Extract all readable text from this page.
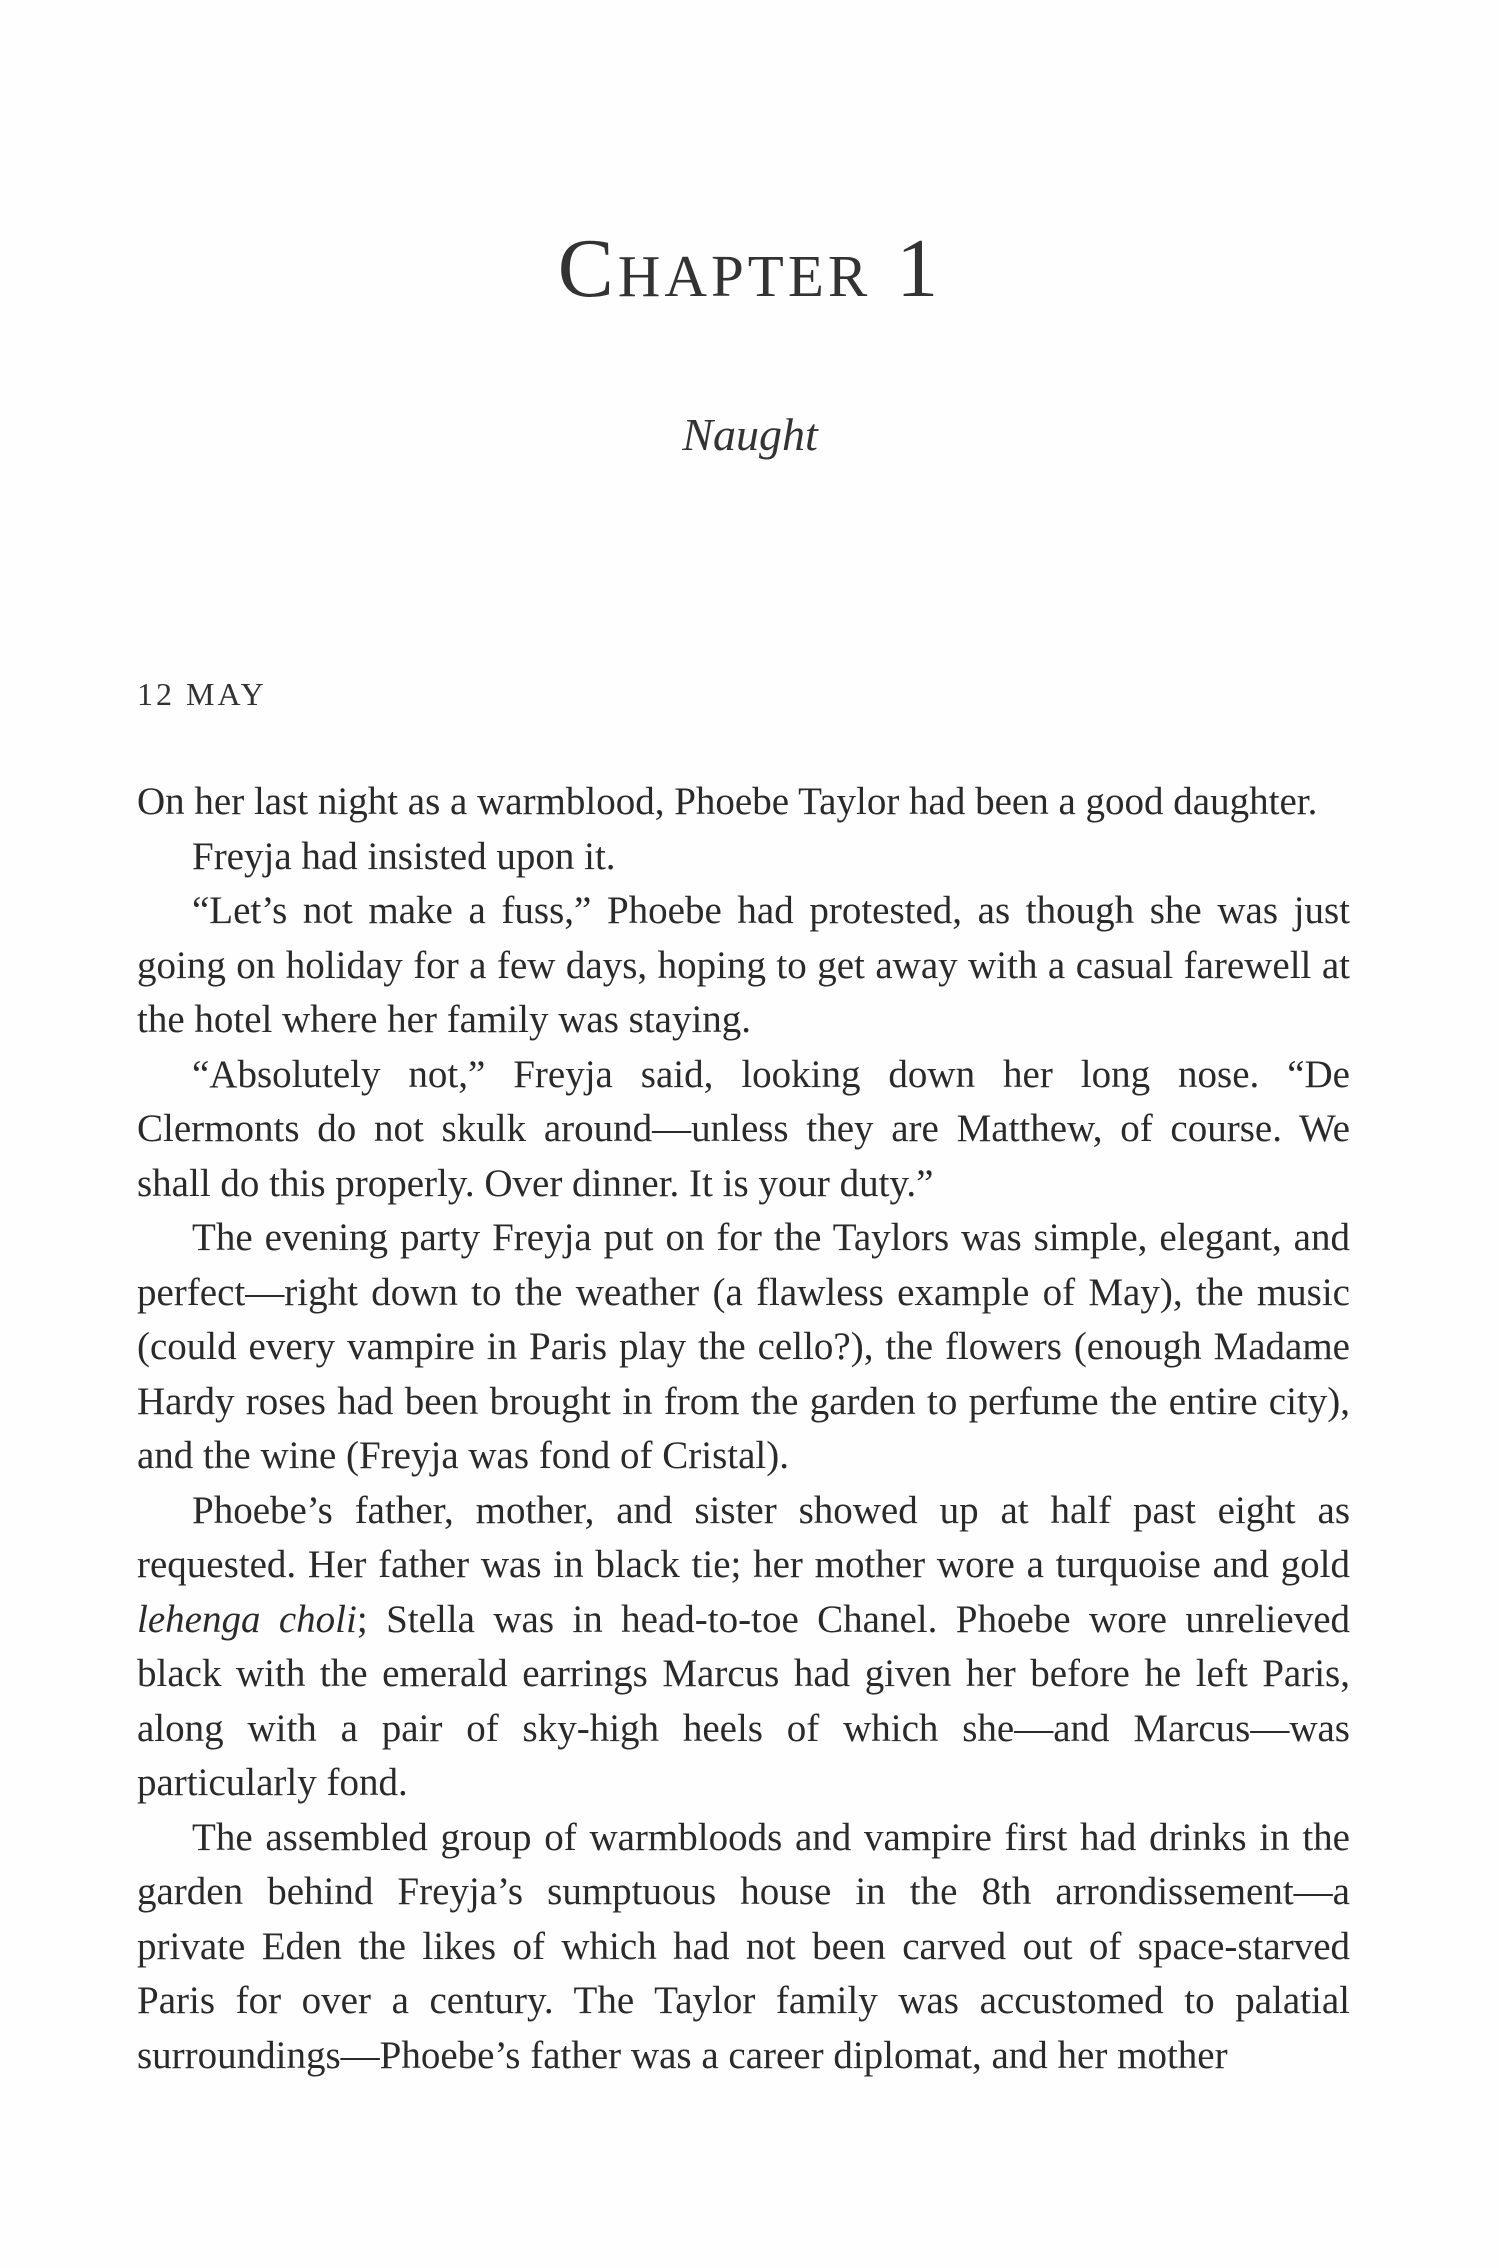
Chapter 1
Naught
12 MAY

On her last night as a warmblood, Phoebe Taylor had been a good daughter.

Freyja had insisted upon it.

“Let’s not make a fuss,” Phoebe had protested, as though she was just going on holiday for a few days, hoping to get away with a casual farewell at the hotel where her family was staying.

“Absolutely not,” Freyja said, looking down her long nose. “De Clermonts do not skulk around—unless they are Matthew, of course. We shall do this properly. Over dinner. It is your duty.”

The evening party Freyja put on for the Taylors was simple, elegant, and perfect—right down to the weather (a flawless example of May), the music (could every vampire in Paris play the cello?), the flowers (enough Madame Hardy roses had been brought in from the garden to perfume the entire city), and the wine (Freyja was fond of Cristal).

Phoebe’s father, mother, and sister showed up at half past eight as requested. Her father was in black tie; her mother wore a turquoise and gold lehenga choli; Stella was in head-to-toe Chanel. Phoebe wore unrelieved black with the emerald earrings Marcus had given her before he left Paris, along with a pair of sky-high heels of which she—and Marcus—was particularly fond.

The assembled group of warmbloods and vampire first had drinks in the garden behind Freyja’s sumptuous house in the 8th arrondissement—a private Eden the likes of which had not been carved out of space-starved Paris for over a century. The Taylor family was accustomed to palatial surroundings—Phoebe’s father was a career diplomat, and her mother
